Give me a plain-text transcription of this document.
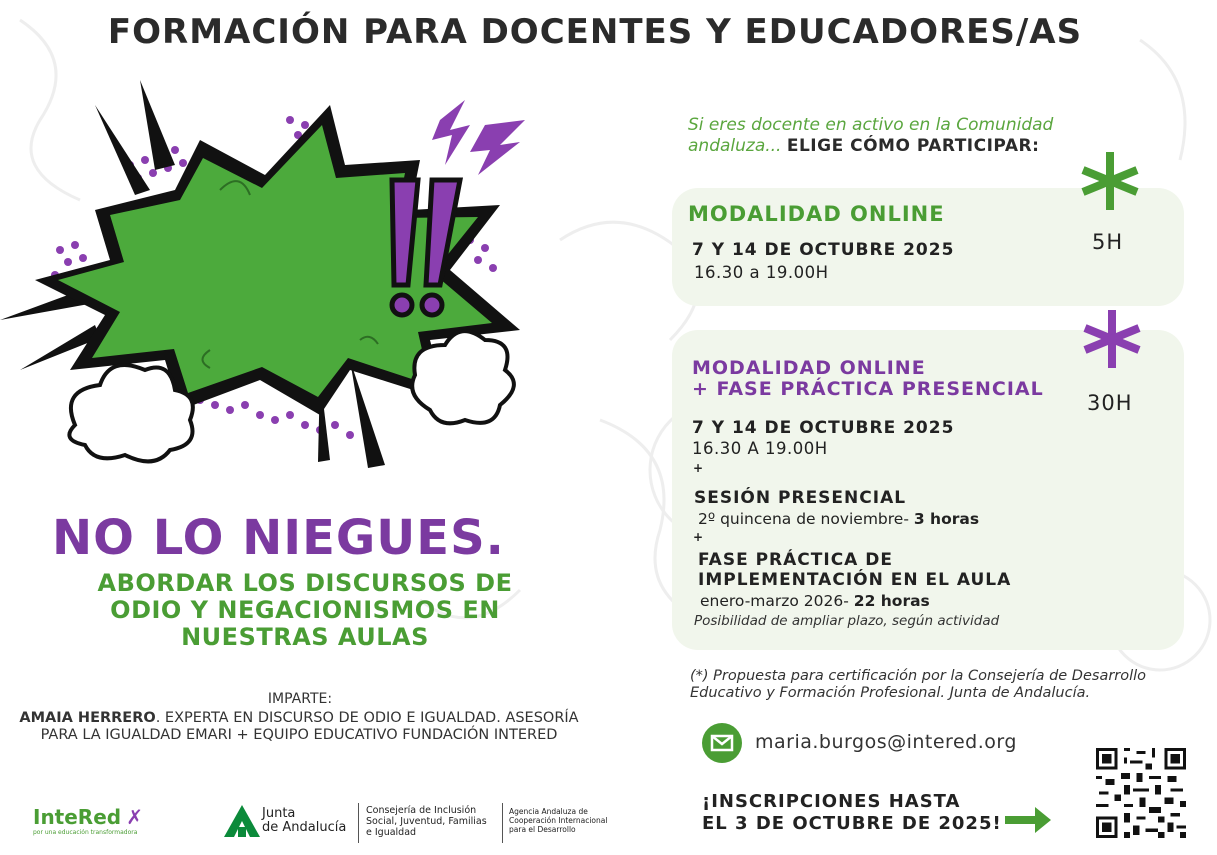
FORMACIÓN PARA DOCENTES Y EDUCADORES/AS
NO LO NIEGUES.
ABORDAR LOS DISCURSOS DE
ODIO Y NEGACIONISMOS EN
NUESTRAS AULAS
IMPARTE:
AMAIA HERRERO. EXPERTA EN DISCURSO DE ODIO E IGUALDAD. ASESORÍA
PARA LA IGUALDAD EMARI + EQUIPO EDUCATIVO FUNDACIÓN INTERED
InteRed ✗
por una educación transformadora
Junta
de Andalucía
Consejería de Inclusión
Social, Juventud, Familias
e Igualdad
Agencia Andaluza de
Cooperación Internacional
para el Desarrollo
Si eres docente en activo en la Comunidad
andaluza... ELIGE CÓMO PARTICIPAR:
5H
MODALIDAD ONLINE
7 Y 14 DE OCTUBRE 2025
16.30 a 19.00H
30H
MODALIDAD ONLINE
+ FASE PRÁCTICA PRESENCIAL
7 Y 14 DE OCTUBRE 2025
16.30 A 19.00H
+
SESIÓN PRESENCIAL
2º quincena de noviembre- 3 horas
+
FASE PRÁCTICA DE
IMPLEMENTACIÓN EN EL AULA
enero-marzo 2026- 22 horas
Posibilidad de ampliar plazo, según actividad
(*) Propuesta para certificación por la Consejería de Desarrollo
Educativo y Formación Profesional. Junta de Andalucía.
maria.burgos@intered.org
¡INSCRIPCIONES HASTA
EL 3 DE OCTUBRE DE 2025!
